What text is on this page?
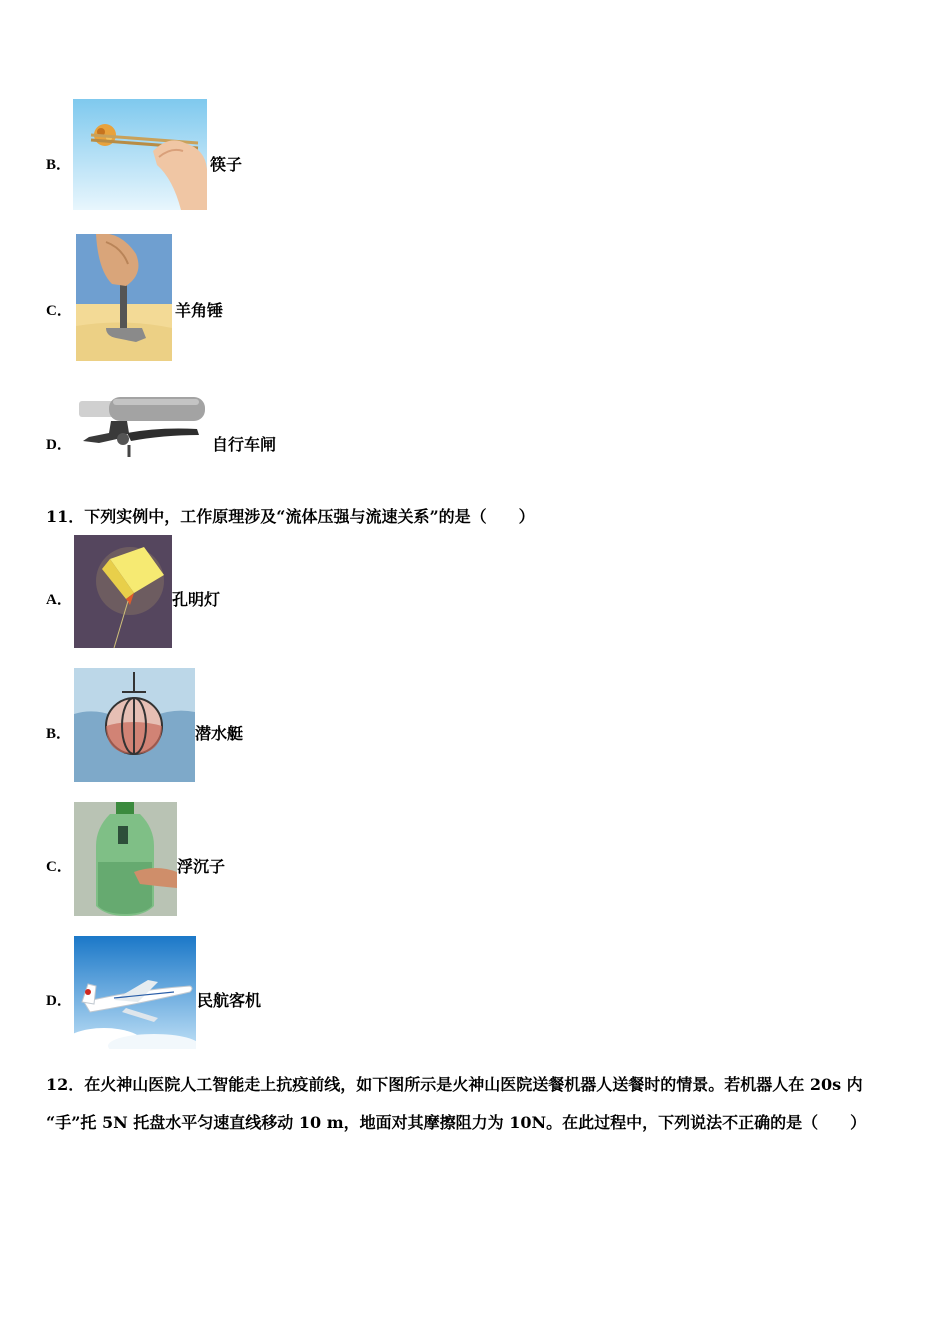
B．	筷子
C．	羊角锤
D．	自行车闸
11．下列实例中，工作原理涉及“流体压强与流速关系”的是（　　）
A．	孔明灯
B．	潜水艇
C．	浮沉子
D．	民航客机
12．在火神山医院人工智能走上抗疫前线，如下图所示是火神山医院送餐机器人送餐时的情景。若机器人在 20s 内
“手”托 5N 托盘水平匀速直线移动 10 m，地面对其摩擦阻力为 10N。在此过程中，下列说法不正确的是（　　）
